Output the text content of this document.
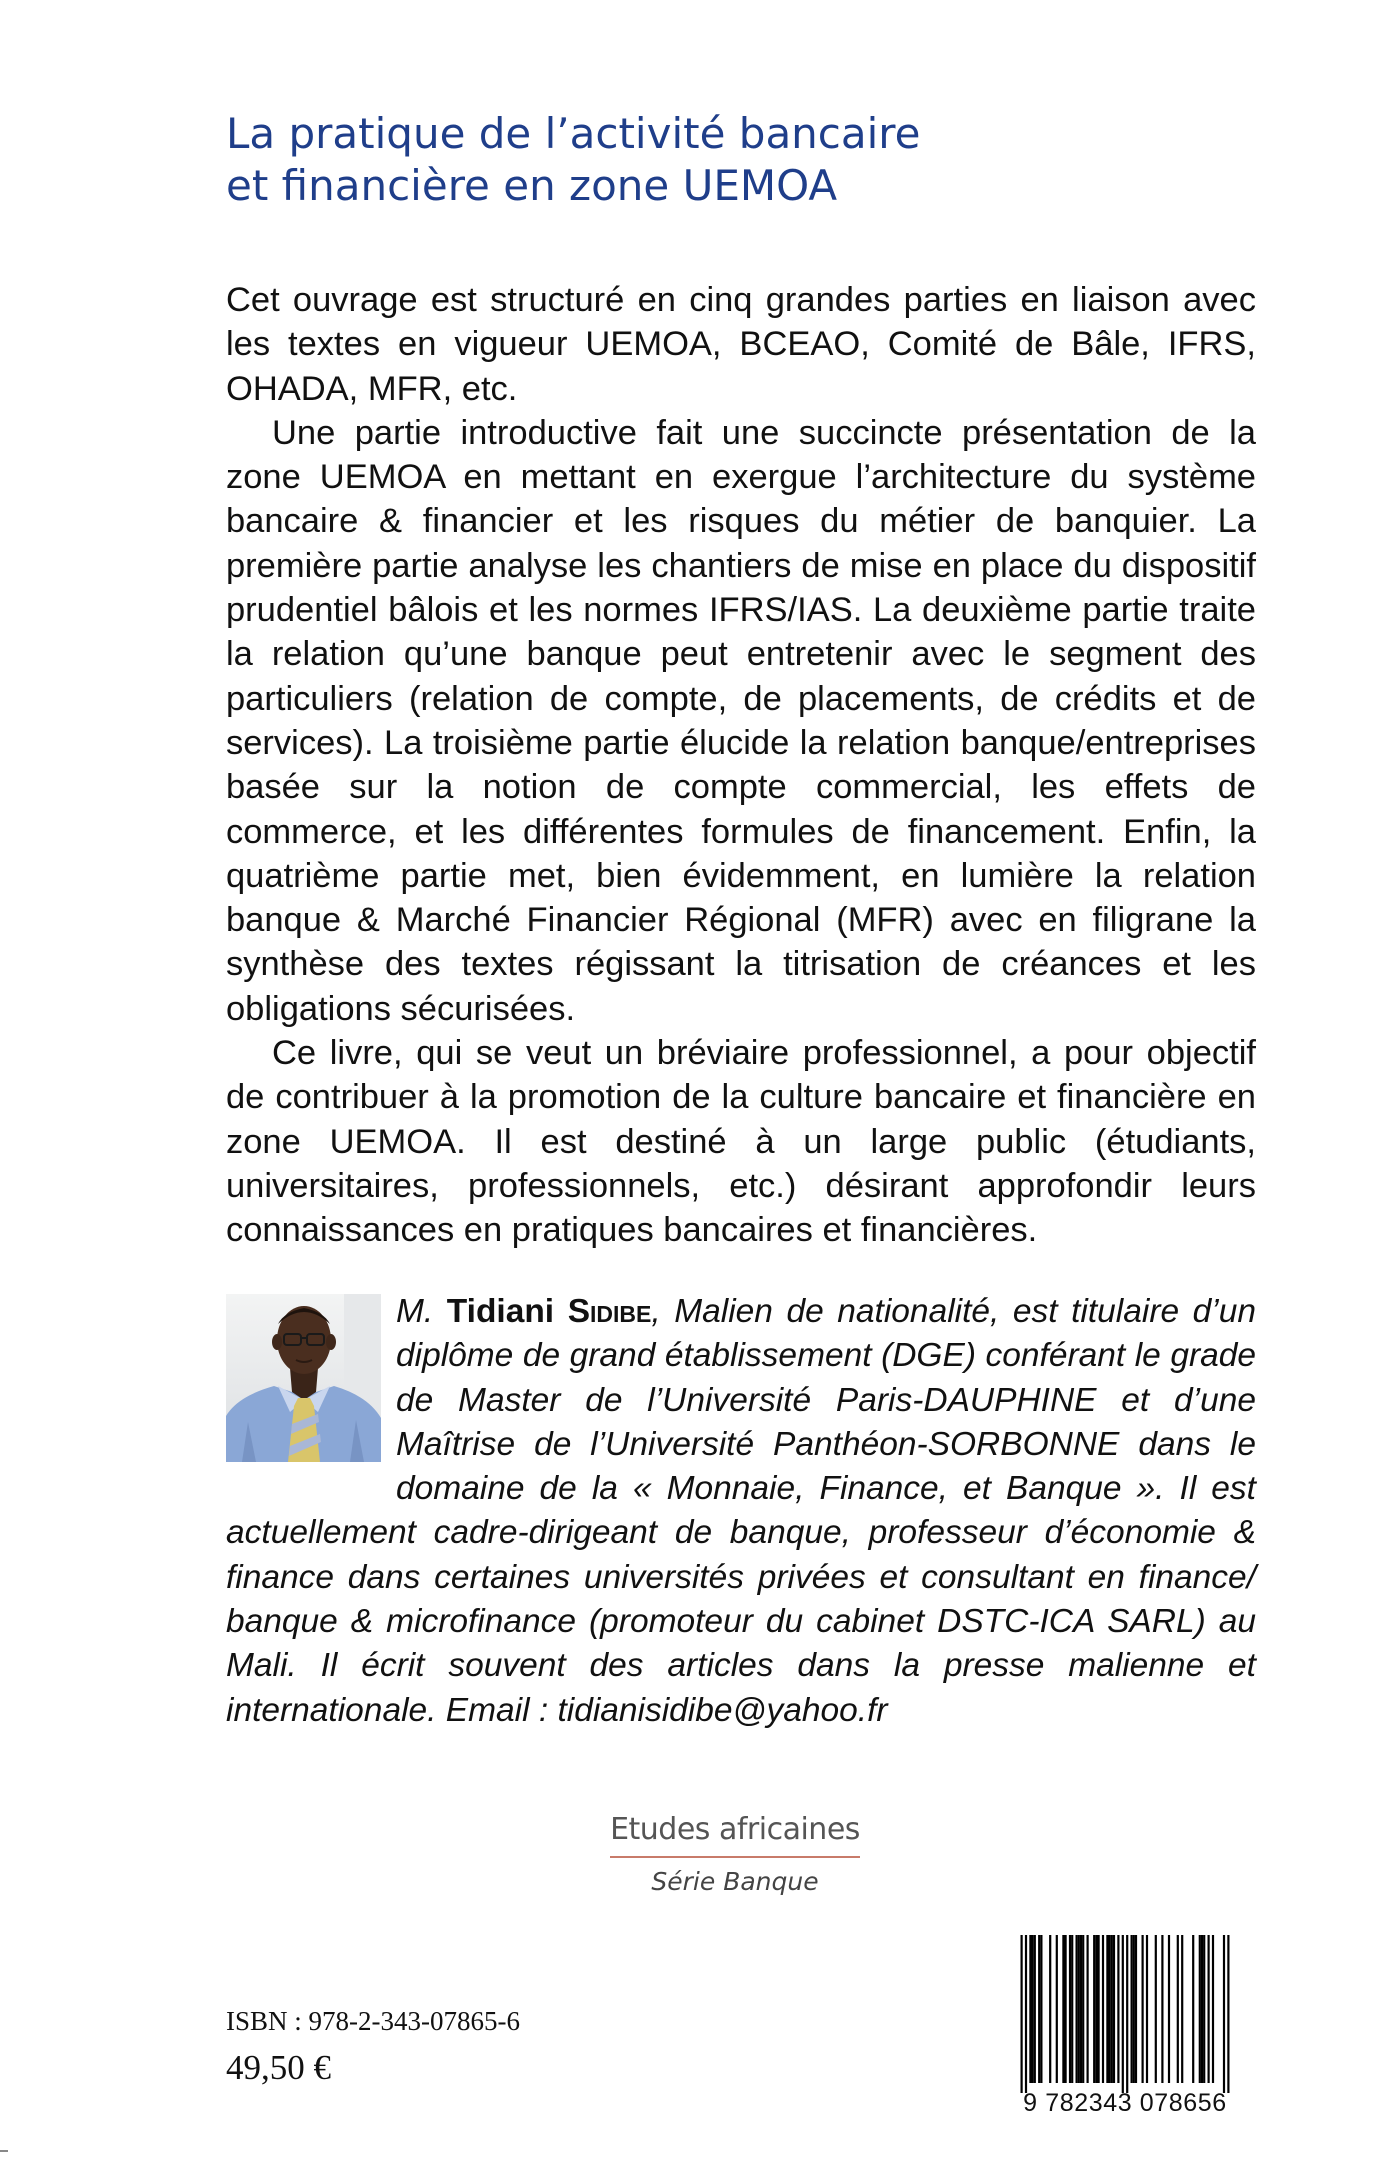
La pratique de l’activité bancaire
et financière en zone UEMOA

Cet ouvrage est structuré en cinq grandes parties en liaison avec les textes en vigueur UEMOA, BCEAO, Comité de Bâle, IFRS, OHADA, MFR, etc.

Une partie introductive fait une succincte présentation de la zone UEMOA en mettant en exergue l’architecture du système bancaire & financier et les risques du métier de banquier. La première partie analyse les chantiers de mise en place du dispositif prudentiel bâlois et les normes IFRS/IAS. La deuxième partie traite la relation qu’une banque peut entretenir avec le segment des particuliers (relation de compte, de placements, de crédits et de services). La troisième partie élucide la relation banque/entreprises basée sur la notion de compte commercial, les effets de commerce, et les différentes formules de financement. Enfin, la quatrième partie met, bien évidemment, en lumière la relation banque & Marché Financier Régional (MFR) avec en filigrane la synthèse des textes régissant la titrisation de créances et les obligations sécurisées.

Ce livre, qui se veut un bréviaire professionnel, a pour objectif de contribuer à la promotion de la culture bancaire et financière en zone UEMOA. Il est destiné à un large public (étudiants, universitaires, professionnels, etc.) désirant approfondir leurs connaissances en pratiques bancaires et financières.

M. Tidiani Sidibe, Malien de nationalité, est titulaire d’un diplôme de grand établissement (DGE) conférant le grade de Master de l’Université Paris-DAUPHINE et d’une Maîtrise de l’Université Panthéon-SORBONNE dans le domaine de la « Monnaie, Finance, et Banque ». Il est actuellement cadre-dirigeant de banque, professeur d’économie & finance dans certaines universités privées et consultant en finance/ banque & microfinance (promoteur du cabinet DSTC-ICA SARL) au Mali. Il écrit souvent des articles dans la presse malienne et internationale. Email : tidianisidibe@yahoo.fr

Etudes africaines
Série Banque
ISBN : 978-2-343-07865-6
49,50 €
9 782343 078656
